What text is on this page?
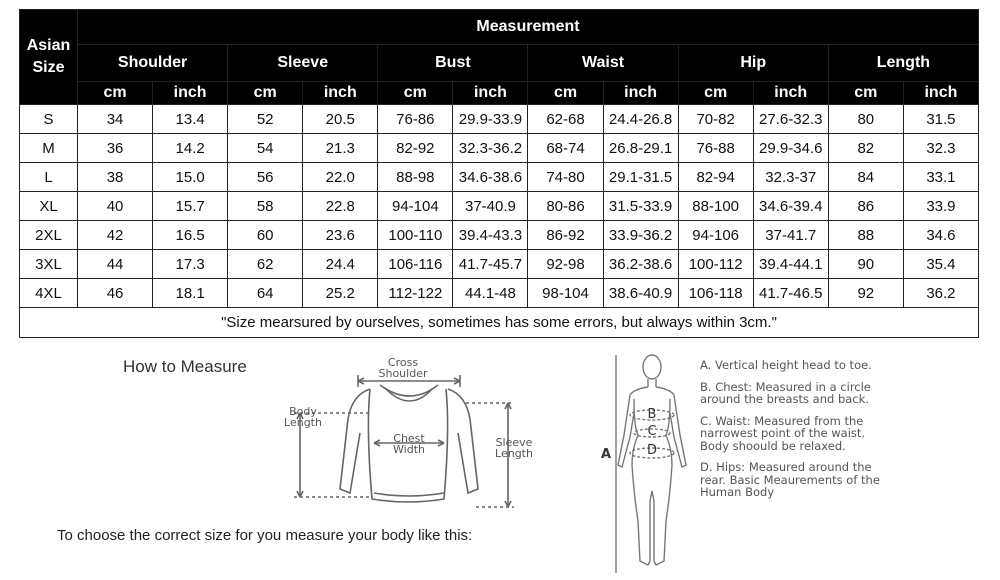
Asian Size	Measurement											
	Shoulder		Sleeve		Bust		Waist		Hip		Length	
	cm	inch	cm	inch	cm	inch	cm	inch	cm	inch	cm	inch
S	34	13.4	52	20.5	76-86	29.9-33.9	62-68	24.4-26.8	70-82	27.6-32.3	80	31.5
M	36	14.2	54	21.3	82-92	32.3-36.2	68-74	26.8-29.1	76-88	29.9-34.6	82	32.3
L	38	15.0	56	22.0	88-98	34.6-38.6	74-80	29.1-31.5	82-94	32.3-37	84	33.1
XL	40	15.7	58	22.8	94-104	37-40.9	80-86	31.5-33.9	88-100	34.6-39.4	86	33.9
2XL	42	16.5	60	23.6	100-110	39.4-43.3	86-92	33.9-36.2	94-106	37-41.7	88	34.6
3XL	44	17.3	62	24.4	106-116	41.7-45.7	92-98	36.2-38.6	100-112	39.4-44.1	90	35.4
4XL	46	18.1	64	25.2	112-122	44.1-48	98-104	38.6-40.9	106-118	41.7-46.5	92	36.2
"Size mearsured by ourselves, sometimes has some errors, but always within 3cm."												
How to Measure	Cross
Shoulder
Body
Length
Chest
Width
Sleeve
Length
To choose the correct size for you measure your body like this:
B
C
D
A
A. Vertical height head to toe.
B. Chest: Measured in a circle around the breasts and back.
C. Waist: Measured from the narrowest point of the waist. Body shoould be relaxed.
D. Hips: Measured around the rear. Basic Meaurements of the Human Body
